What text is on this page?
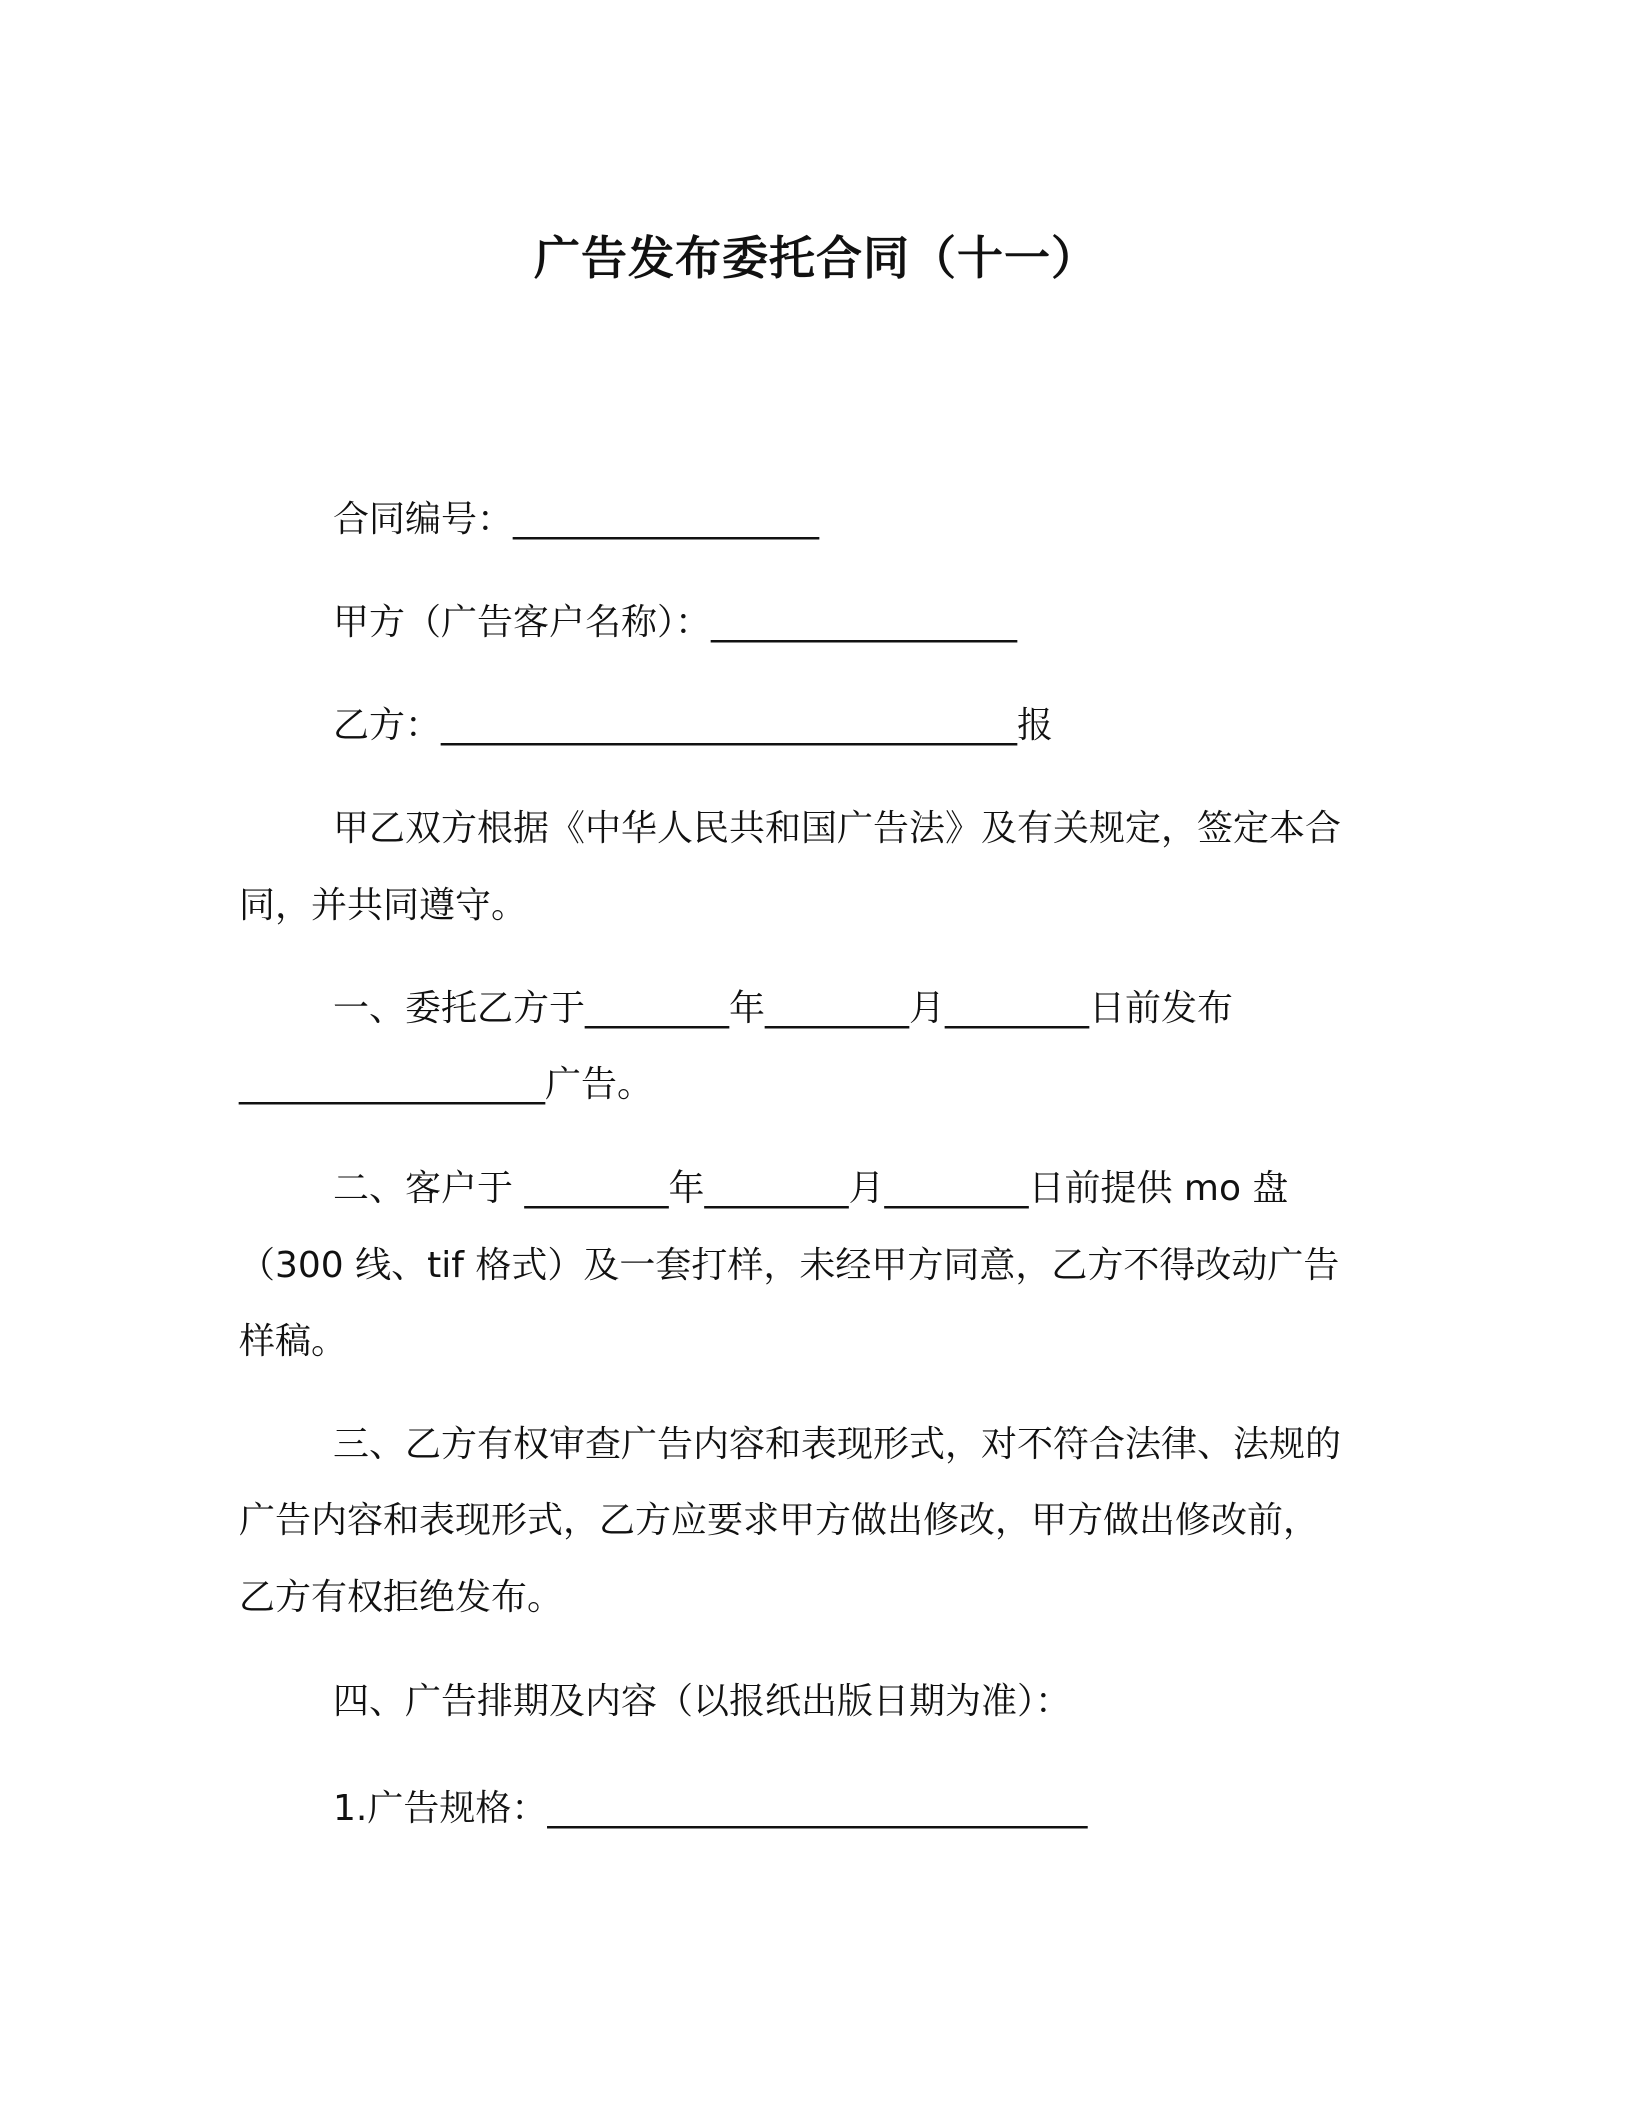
广告发布委托合同（十一）
合同编号：_________________
甲方（广告客户名称）：_________________
乙方：________________________________报
甲乙双方根据《中华人民共和国广告法》及有关规定，签定本合
同，并共同遵守。
一、委托乙方于________年________月________日前发布
_________________广告。
二、客户于 ________年________月________日前提供 mo 盘
（300 线、tif 格式）及一套打样，未经甲方同意，乙方不得改动广告
样稿。
三、乙方有权审查广告内容和表现形式，对不符合法律、法规的
广告内容和表现形式，乙方应要求甲方做出修改，甲方做出修改前，
乙方有权拒绝发布。
四、广告排期及内容（以报纸出版日期为准）：
1.广告规格：______________________________
